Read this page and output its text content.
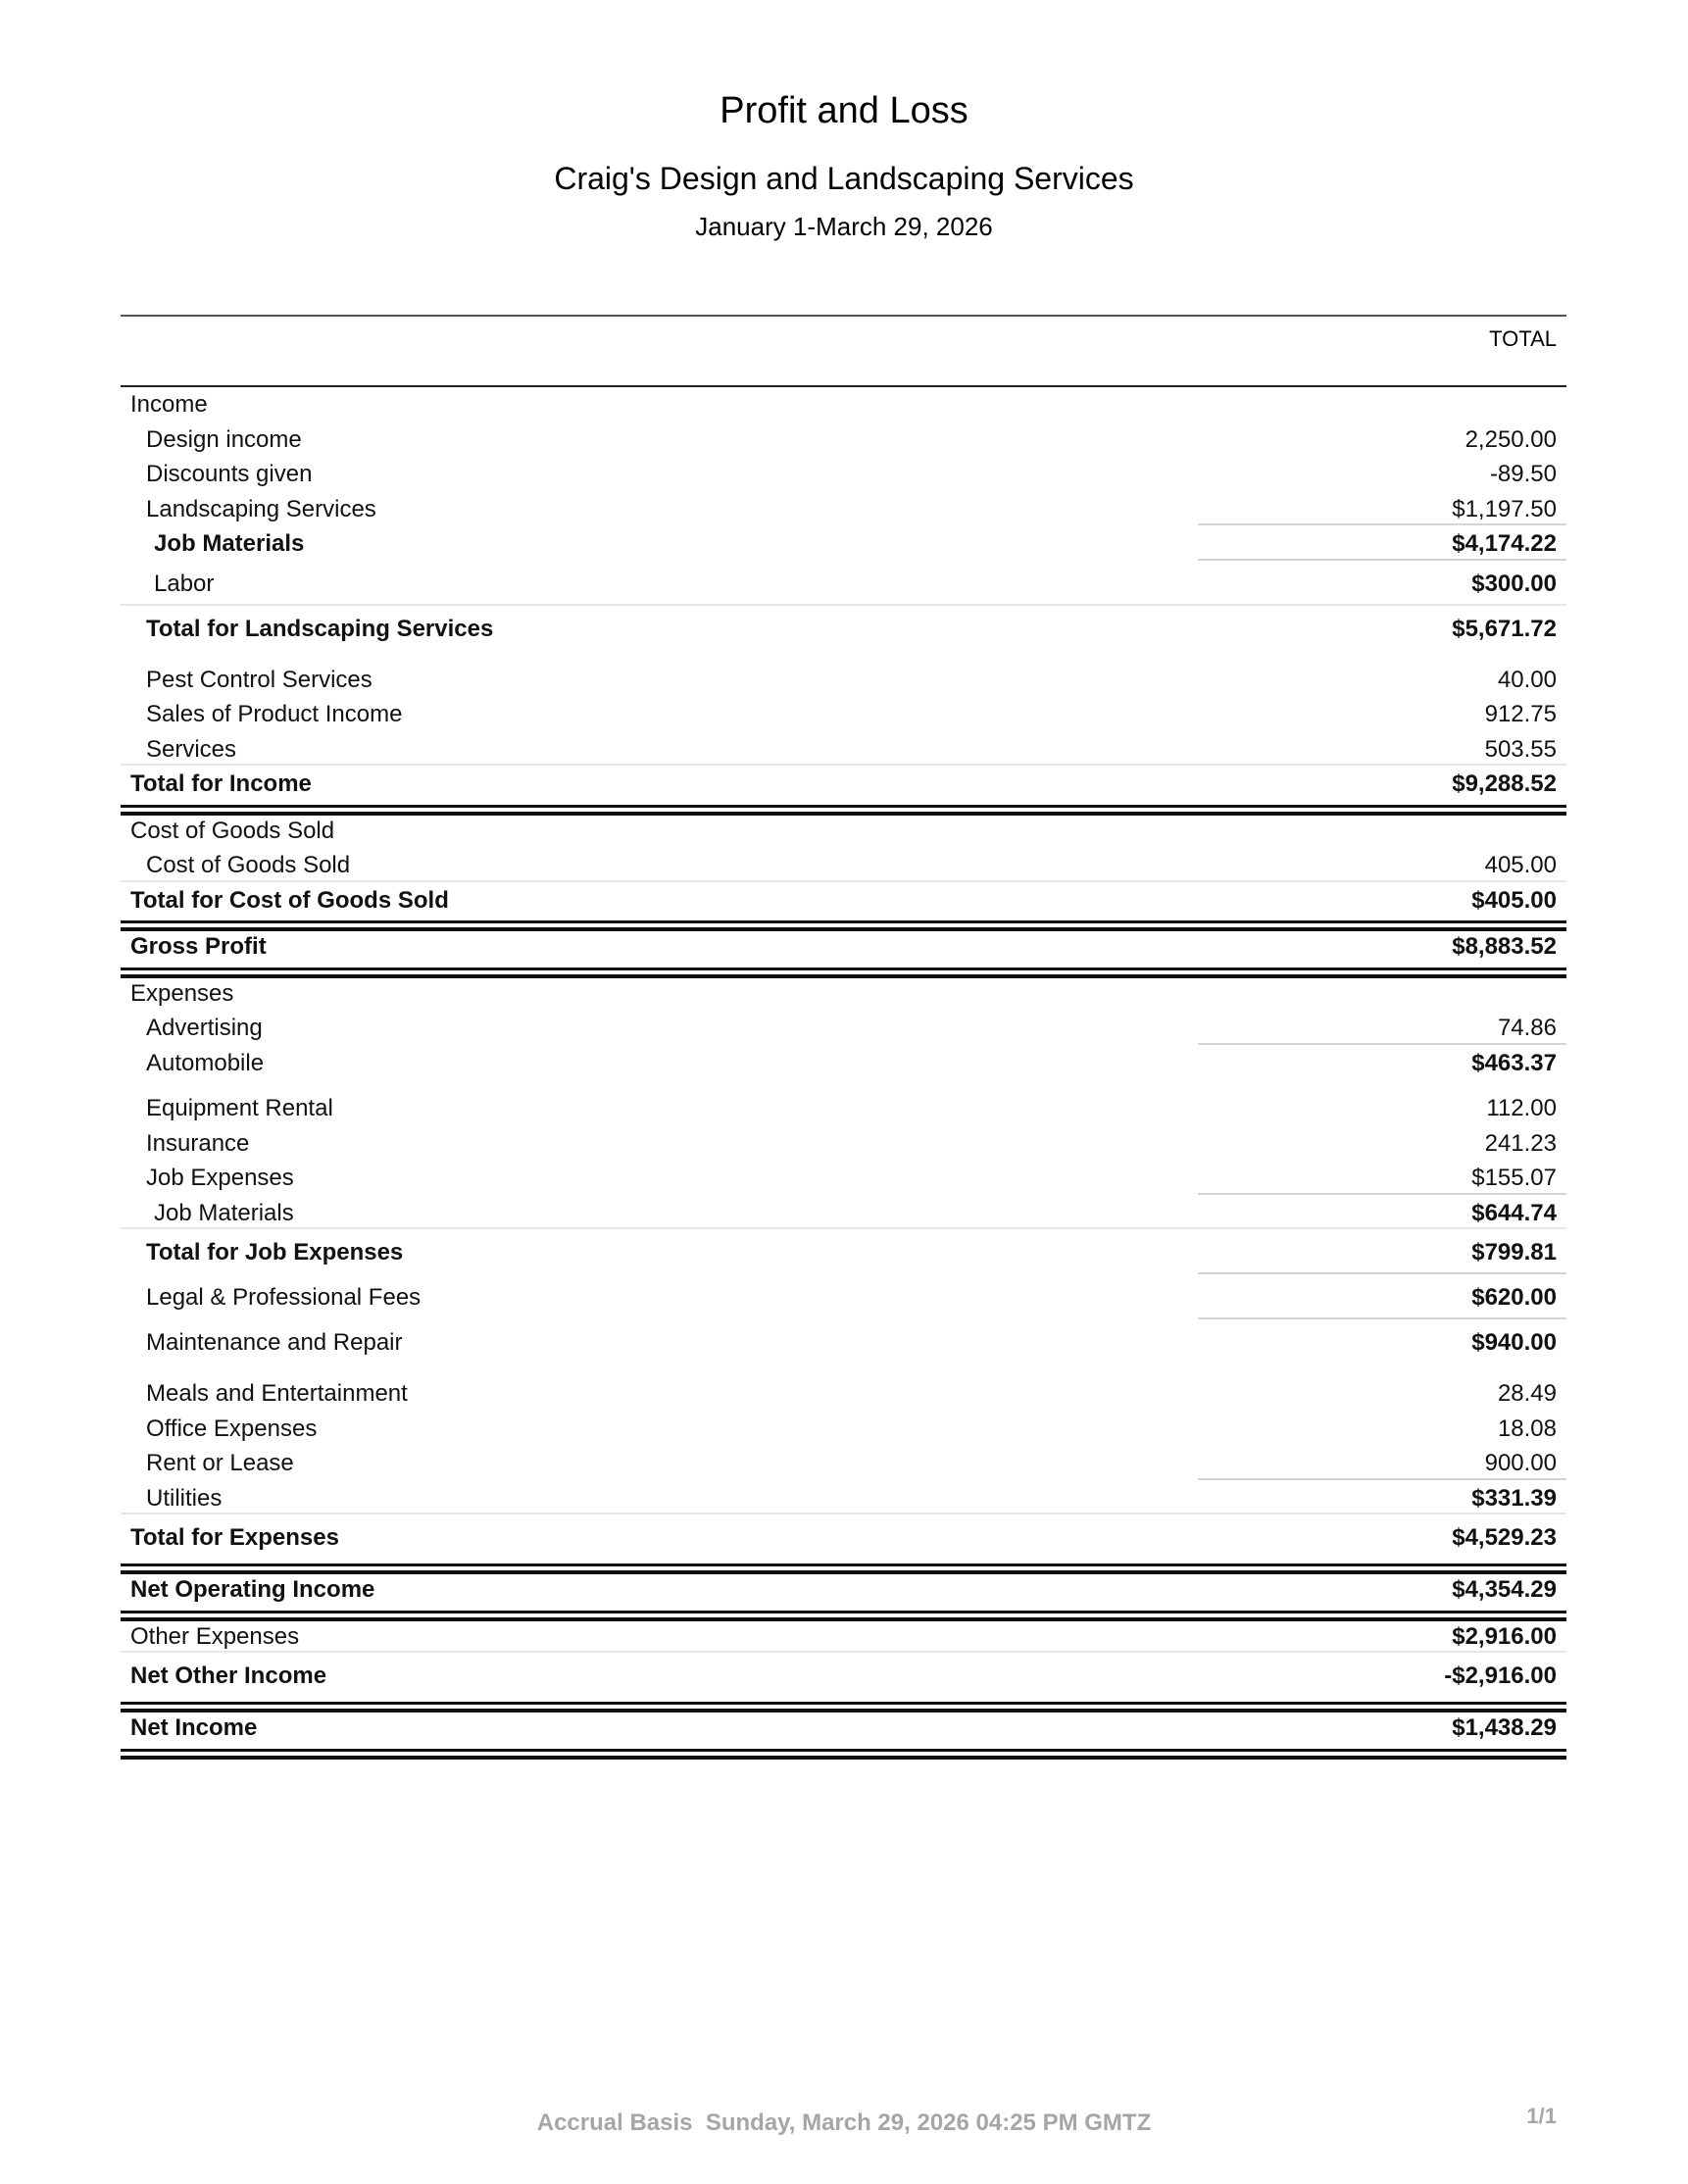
Profit and Loss
Craig's Design and Landscaping Services
January 1-March 29, 2026
TOTAL
Income
Design income	2,250.00
Discounts given	-89.50
Landscaping Services	$1,197.50
Job Materials	$4,174.22
Labor	$300.00
Total for Landscaping Services	$5,671.72
Pest Control Services	40.00
Sales of Product Income	912.75
Services	503.55
Total for Income	$9,288.52
Cost of Goods Sold
Cost of Goods Sold	405.00
Total for Cost of Goods Sold	$405.00
Gross Profit	$8,883.52
Expenses
Advertising	74.86
Automobile	$463.37
Equipment Rental	112.00
Insurance	241.23
Job Expenses	$155.07
Job Materials	$644.74
Total for Job Expenses	$799.81
Legal & Professional Fees	$620.00
Maintenance and Repair	$940.00
Meals and Entertainment	28.49
Office Expenses	18.08
Rent or Lease	900.00
Utilities	$331.39
Total for Expenses	$4,529.23
Net Operating Income	$4,354.29
Other Expenses	$2,916.00
Net Other Income	-$2,916.00
Net Income	$1,438.29
Accrual Basis  Sunday, March 29, 2026 04:25 PM GMTZ	1/1
